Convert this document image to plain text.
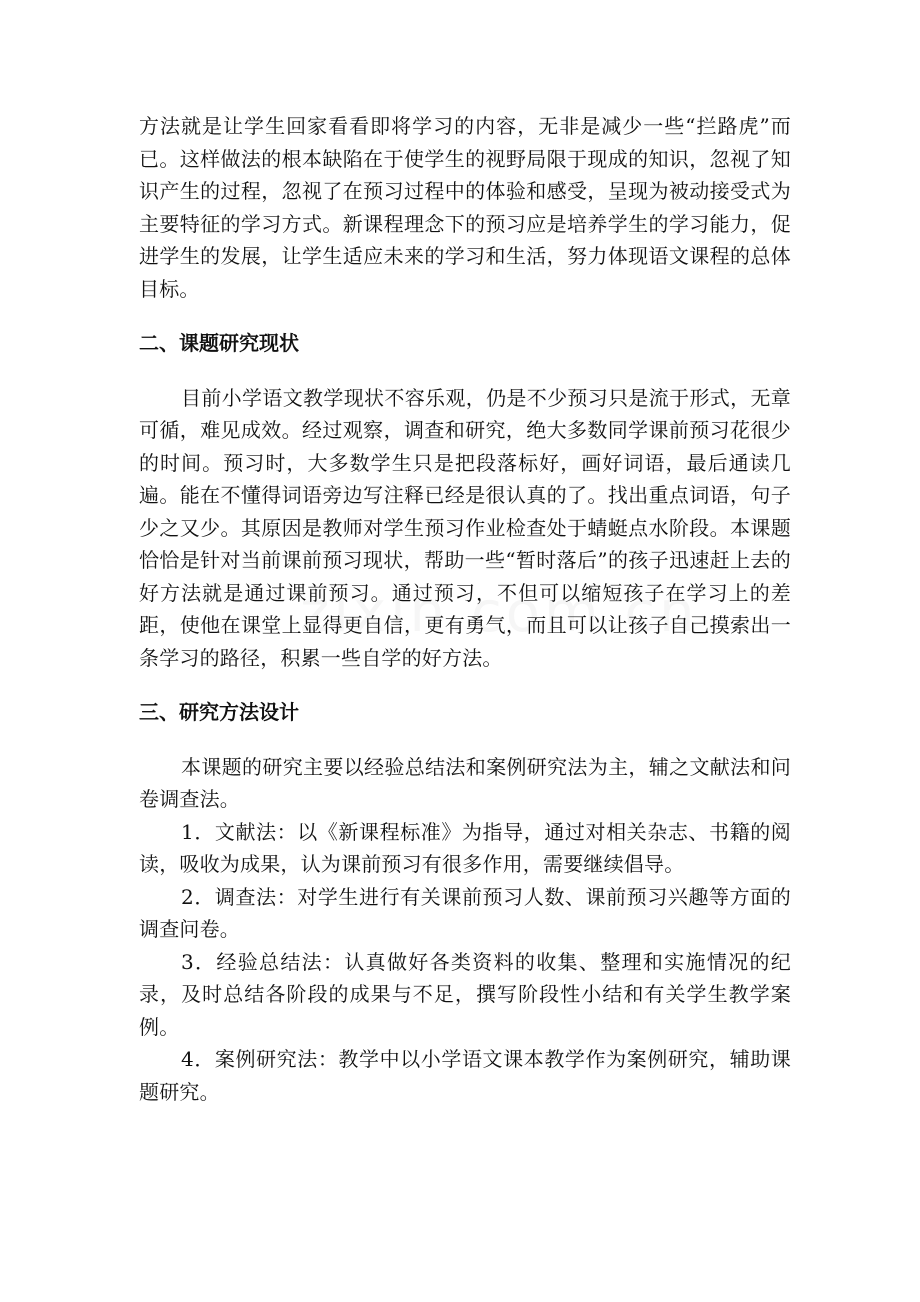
方法就是让学生回家看看即将学习的内容，无非是减少一些“拦路虎”而已。这样做法的根本缺陷在于使学生的视野局限于现成的知识，忽视了知识产生的过程，忽视了在预习过程中的体验和感受，呈现为被动接受式为主要特征的学习方式。新课程理念下的预习应是培养学生的学习能力，促进学生的发展，让学生适应未来的学习和生活，努力体现语文课程的总体目标。

二、课题研究现状

目前小学语文教学现状不容乐观，仍是不少预习只是流于形式，无章可循，难见成效。经过观察，调查和研究，绝大多数同学课前预习花很少的时间。预习时，大多数学生只是把段落标好，画好词语，最后通读几遍。能在不懂得词语旁边写注释已经是很认真的了。找出重点词语，句子少之又少。其原因是教师对学生预习作业检查处于蜻蜓点水阶段。本课题恰恰是针对当前课前预习现状，帮助一些“暂时落后”的孩子迅速赶上去的好方法就是通过课前预习。通过预习，不但可以缩短孩子在学习上的差距，使他在课堂上显得更自信，更有勇气，而且可以让孩子自己摸索出一条学习的路径，积累一些自学的好方法。

三、研究方法设计

本课题的研究主要以经验总结法和案例研究法为主，辅之文献法和问卷调查法。

1．文献法：以《新课程标准》为指导，通过对相关杂志、书籍的阅读，吸收为成果，认为课前预习有很多作用，需要继续倡导。

2．调查法：对学生进行有关课前预习人数、课前预习兴趣等方面的调查问卷。

3．经验总结法：认真做好各类资料的收集、整理和实施情况的纪录，及时总结各阶段的成果与不足，撰写阶段性小结和有关学生教学案例。

4．案例研究法：教学中以小学语文课本教学作为案例研究，辅助课题研究。
